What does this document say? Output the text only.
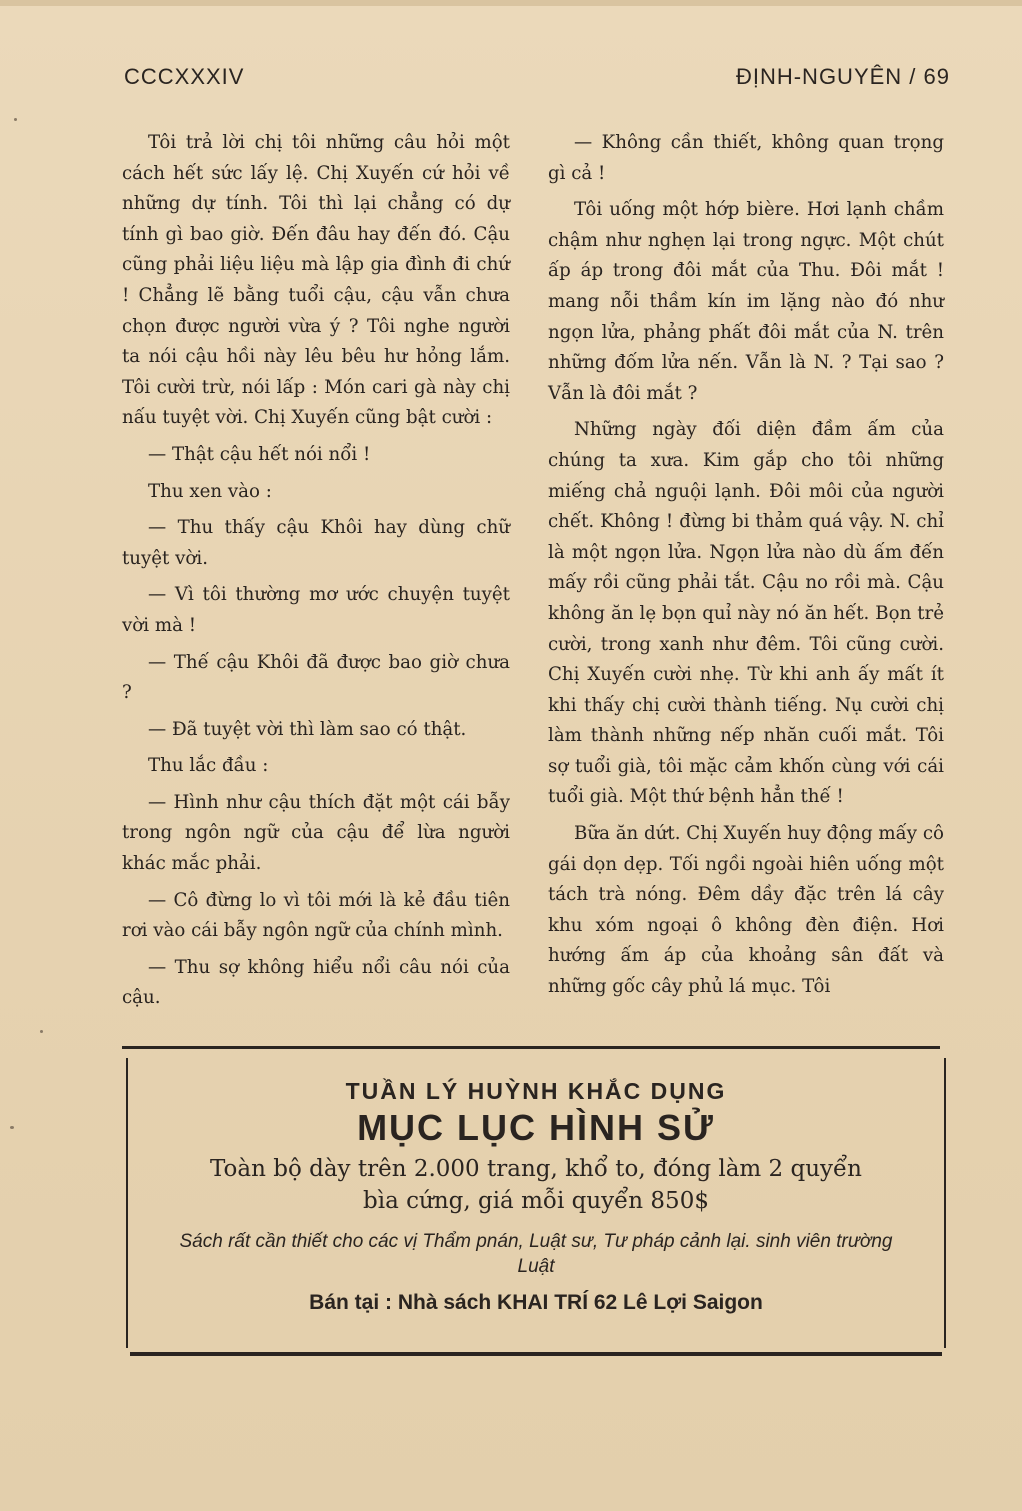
CCCXXXIV	ĐỊNH-NGUYÊN / 69

Tôi trả lời chị tôi những câu hỏi một cách hết sức lấy lệ. Chị Xuyến cứ hỏi về những dự tính. Tôi thì lại chẳng có dự tính gì bao giờ. Đến đâu hay đến đó. Cậu cũng phải liệu liệu mà lập gia đình đi chứ ! Chẳng lẽ bằng tuổi cậu, cậu vẫn chưa chọn được người vừa ý ? Tôi nghe người ta nói cậu hồi này lêu bêu hư hỏng lắm. Tôi cười trừ, nói lấp : Món cari gà này chị nấu tuyệt vời. Chị Xuyến cũng bật cười :

— Thật cậu hết nói nổi !

Thu xen vào :

— Thu thấy cậu Khôi hay dùng chữ tuyệt vời.

— Vì tôi thường mơ ước chuyện tuyệt vời mà !

— Thế cậu Khôi đã được bao giờ chưa ?

— Đã tuyệt vời thì làm sao có thật.

Thu lắc đầu :

— Hình như cậu thích đặt một cái bẫy trong ngôn ngữ của cậu để lừa người khác mắc phải.

— Cô đừng lo vì tôi mới là kẻ đầu tiên rơi vào cái bẫy ngôn ngữ của chính mình.

— Thu sợ không hiểu nổi câu nói của cậu.

— Không cần thiết, không quan trọng gì cả !

Tôi uống một hớp bière. Hơi lạnh chầm chậm như nghẹn lại trong ngực. Một chút ấp áp trong đôi mắt của Thu. Đôi mắt ! mang nỗi thầm kín im lặng nào đó như ngọn lửa, phảng phất đôi mắt của N. trên những đốm lửa nến. Vẫn là N. ? Tại sao ? Vẫn là đôi mắt ?

Những ngày đối diện đầm ấm của chúng ta xưa. Kim gắp cho tôi những miếng chả nguội lạnh. Đôi môi của người chết. Không ! đừng bi thảm quá vậy. N. chỉ là một ngọn lửa. Ngọn lửa nào dù ấm đến mấy rồi cũng phải tắt. Cậu no rồi mà. Cậu không ăn lẹ bọn quỉ này nó ăn hết. Bọn trẻ cười, trong xanh như đêm. Tôi cũng cười. Chị Xuyến cười nhẹ. Từ khi anh ấy mất ít khi thấy chị cười thành tiếng. Nụ cười chị làm thành những nếp nhăn cuối mắt. Tôi sợ tuổi già, tôi mặc cảm khốn cùng với cái tuổi già. Một thứ bệnh hẳn thế !

Bữa ăn dứt. Chị Xuyến huy động mấy cô gái dọn dẹp. Tối ngồi ngoài hiên uống một tách trà nóng. Đêm dầy đặc trên lá cây khu xóm ngoại ô không đèn điện. Hơi hướng ấm áp của khoảng sân đất và những gốc cây phủ lá mục. Tôi

TUẦN LÝ HUỲNH KHẮC DỤNG
MỤC LỤC HÌNH SỬ
Toàn bộ dày trên 2.000 trang, khổ to, đóng làm 2 quyển
bìa cứng, giá mỗi quyển 850$
Sách rất cần thiết cho các vị Thẩm pnán, Luật sư, Tư pháp cảnh lại. sinh viên trường Luật
Bán tại : Nhà sách KHAI TRÍ 62 Lê Lợi Saigon
